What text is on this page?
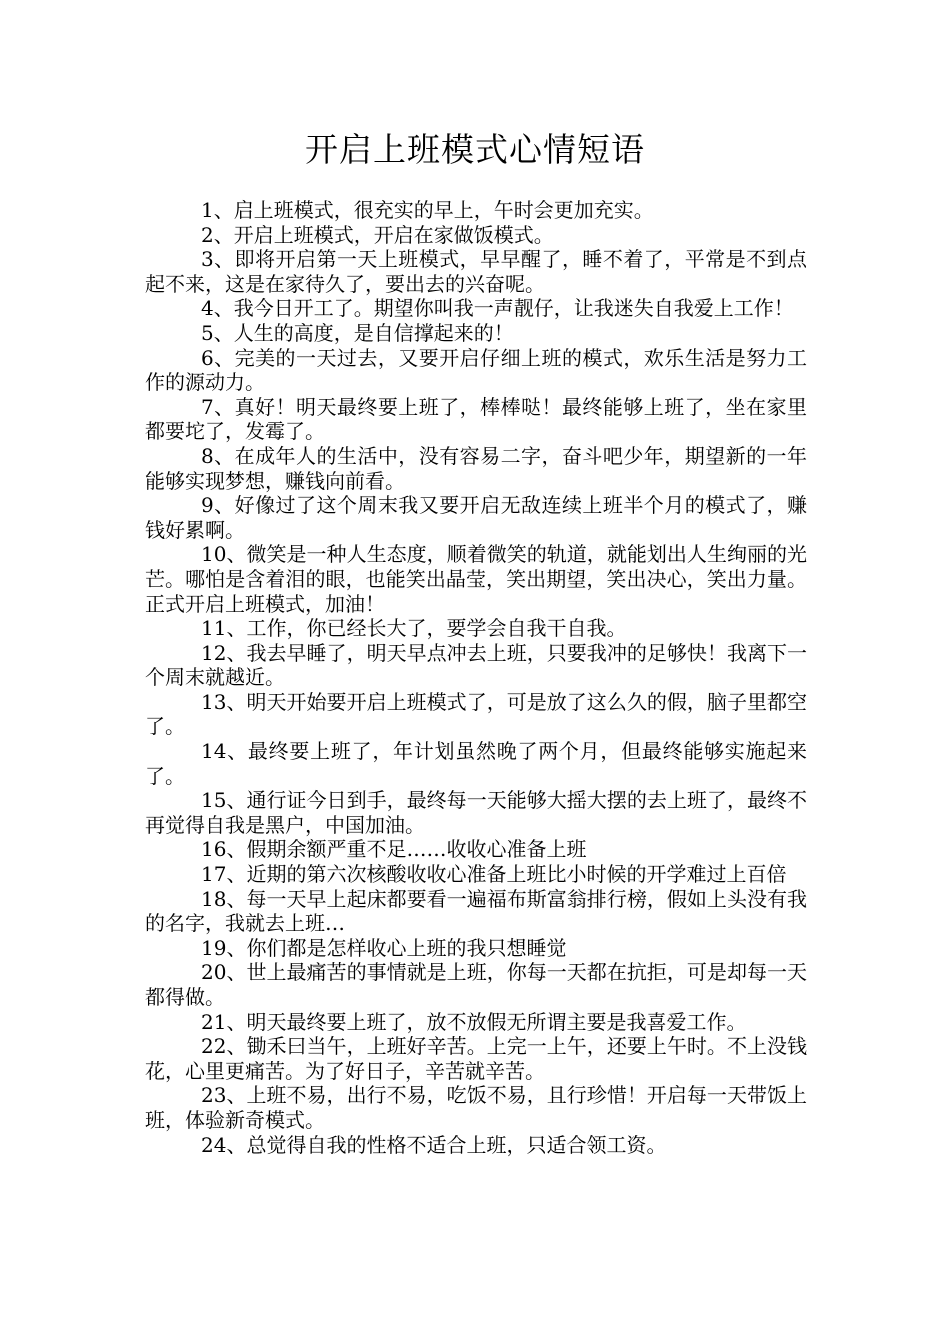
开启上班模式心情短语

1、启上班模式，很充实的早上，午时会更加充实。

2、开启上班模式，开启在家做饭模式。

3、即将开启第一天上班模式，早早醒了，睡不着了，平常是不到点起不来，这是在家待久了，要出去的兴奋呢。

4、我今日开工了。期望你叫我一声靓仔，让我迷失自我爱上工作！

5、人生的高度，是自信撑起来的！

6、完美的一天过去，又要开启仔细上班的模式，欢乐生活是努力工作的源动力。

7、真好！明天最终要上班了，棒棒哒！最终能够上班了，坐在家里都要坨了，发霉了。

8、在成年人的生活中，没有容易二字，奋斗吧少年，期望新的一年能够实现梦想，赚钱向前看。

9、好像过了这个周末我又要开启无敌连续上班半个月的模式了，赚钱好累啊。

10、微笑是一种人生态度，顺着微笑的轨道，就能划出人生绚丽的光芒。哪怕是含着泪的眼，也能笑出晶莹，笑出期望，笑出决心，笑出力量。正式开启上班模式，加油！

11、工作，你已经长大了，要学会自我干自我。

12、我去早睡了，明天早点冲去上班，只要我冲的足够快！我离下一个周末就越近。

13、明天开始要开启上班模式了，可是放了这么久的假，脑子里都空了。

14、最终要上班了，年计划虽然晚了两个月，但最终能够实施起来了。

15、通行证今日到手，最终每一天能够大摇大摆的去上班了，最终不再觉得自我是黑户，中国加油。

16、假期余额严重不足……收收心准备上班

17、近期的第六次核酸收收心准备上班比小时候的开学难过上百倍

18、每一天早上起床都要看一遍福布斯富翁排行榜，假如上头没有我的名字，我就去上班…

19、你们都是怎样收心上班的我只想睡觉

20、世上最痛苦的事情就是上班，你每一天都在抗拒，可是却每一天都得做。

21、明天最终要上班了，放不放假无所谓主要是我喜爱工作。

22、锄禾曰当午，上班好辛苦。上完一上午，还要上午时。不上没钱花，心里更痛苦。为了好日子，辛苦就辛苦。

23、上班不易，出行不易，吃饭不易，且行珍惜！开启每一天带饭上班，体验新奇模式。

24、总觉得自我的性格不适合上班，只适合领工资。
